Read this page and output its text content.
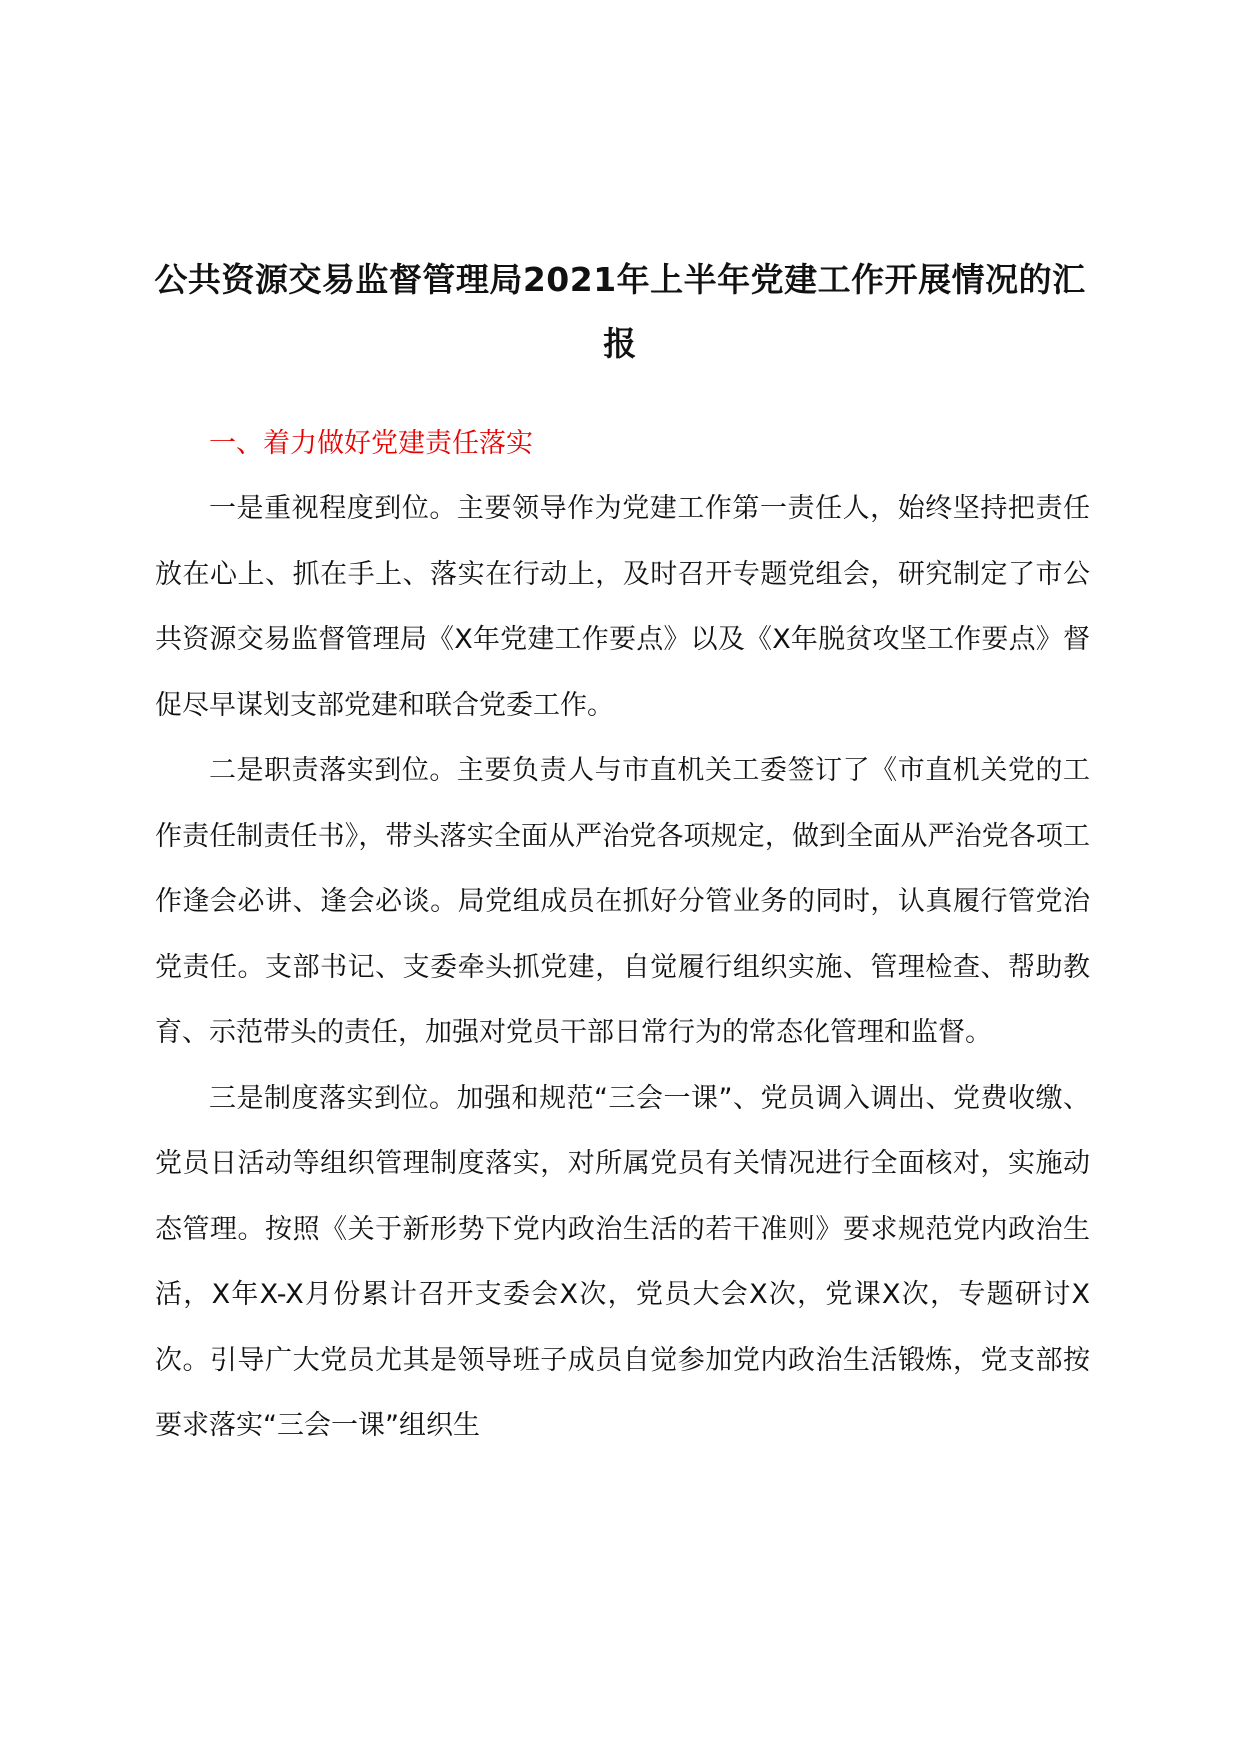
公共资源交易监督管理局2021年上半年党建工作开展情况的汇报

一、着力做好党建责任落实

一是重视程度到位。主要领导作为党建工作第一责任人，始终坚持把责任放在心上、抓在手上、落实在行动上，及时召开专题党组会，研究制定了市公共资源交易监督管理局《X年党建工作要点》以及《X年脱贫攻坚工作要点》督促尽早谋划支部党建和联合党委工作。

二是职责落实到位。主要负责人与市直机关工委签订了《市直机关党的工作责任制责任书》，带头落实全面从严治党各项规定，做到全面从严治党各项工作逢会必讲、逢会必谈。局党组成员在抓好分管业务的同时，认真履行管党治党责任。支部书记、支委牵头抓党建，自觉履行组织实施、管理检查、帮助教育、示范带头的责任，加强对党员干部日常行为的常态化管理和监督。

三是制度落实到位。加强和规范“三会一课”、党员调入调出、党费收缴、党员日活动等组织管理制度落实，对所属党员有关情况进行全面核对，实施动态管理。按照《关于新形势下党内政治生活的若干准则》要求规范党内政治生活，X年X-X月份累计召开支委会X次，党员大会X次，党课X次，专题研讨X次。引导广大党员尤其是领导班子成员自觉参加党内政治生活锻炼，党支部按要求落实“三会一课”组织生
